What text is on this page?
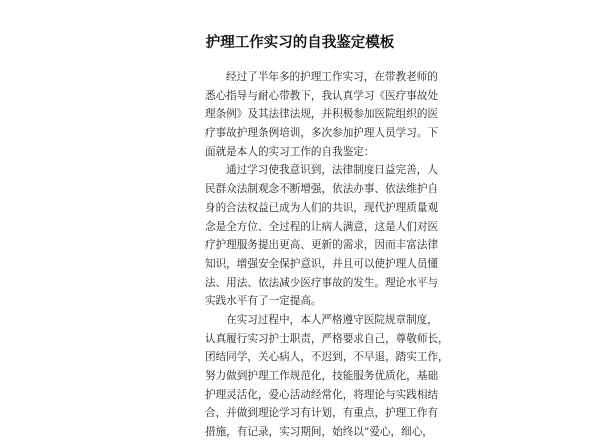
护理工作实习的自我鉴定模板
经过了半年多的护理工作实习，在带教老师的
悉心指导与耐心带教下，我认真学习《医疗事故处
理条例》及其法律法规，并积极参加医院组织的医
疗事故护理条例培训，多次参加护理人员学习。下
面就是本人的实习工作的自我鉴定：
通过学习使我意识到，法律制度日益完善，人
民群众法制观念不断增强，依法办事、依法维护自
身的合法权益已成为人们的共识，现代护理质量观
念是全方位、全过程的让病人满意，这是人们对医
疗护理服务提出更高、更新的需求，因而丰富法律
知识，增强安全保护意识，并且可以使护理人员懂
法、用法、依法减少医疗事故的发生。理论水平与
实践水平有了一定提高。
在实习过程中，本人严格遵守医院规章制度，
认真履行实习护士职责，严格要求自己，尊敬师长，
团结同学，关心病人，不迟到，不早退，踏实工作，
努力做到护理工作规范化，技能服务优质化，基础
护理灵活化，爱心活动经常化，将理论与实践相结
合，并做到理论学习有计划，有重点，护理工作有
措施，有记录，实习期间，始终以”爱心，细心，
